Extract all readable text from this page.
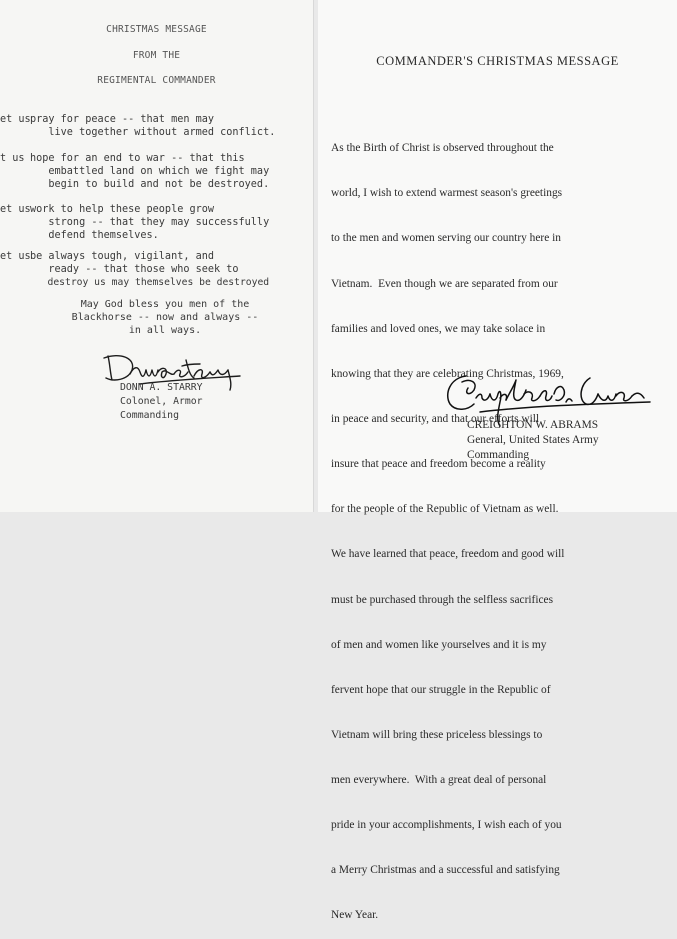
CHRISTMAS MESSAGE
FROM THE
REGIMENTAL COMMANDER
et us pray for peace -- that men may
live together without armed conflict.
t us hope for an end to war -- that this
embattled land on which we fight may
begin to build and not be destroyed.
et us work to help these people grow
strong -- that they may successfully
defend themselves.
et us be always tough, vigilant, and
ready -- that those who seek to
destroy us may themselves be destroyed
May God bless you men of the
Blackhorse -- now and always --
in all ways.
DONN A. STARRY
Colonel, Armor
Commanding
COMMANDER'S CHRISTMAS MESSAGE

As the Birth of Christ is observed throughout the

world, I wish to extend warmest season's greetings

to the men and women serving our country here in

Vietnam.  Even though we are separated from our

families and loved ones, we may take solace in

knowing that they are celebrating Christmas, 1969,

in peace and security, and that our efforts will

insure that peace and freedom become a reality

for the people of the Republic of Vietnam as well.

We have learned that peace, freedom and good will

must be purchased through the selfless sacrifices

of men and women like yourselves and it is my

fervent hope that our struggle in the Republic of

Vietnam will bring these priceless blessings to

men everywhere.  With a great deal of personal

pride in your accomplishments, I wish each of you

a Merry Christmas and a successful and satisfying

New Year.

CREIGHTON W. ABRAMS
General, United States Army
Commanding
